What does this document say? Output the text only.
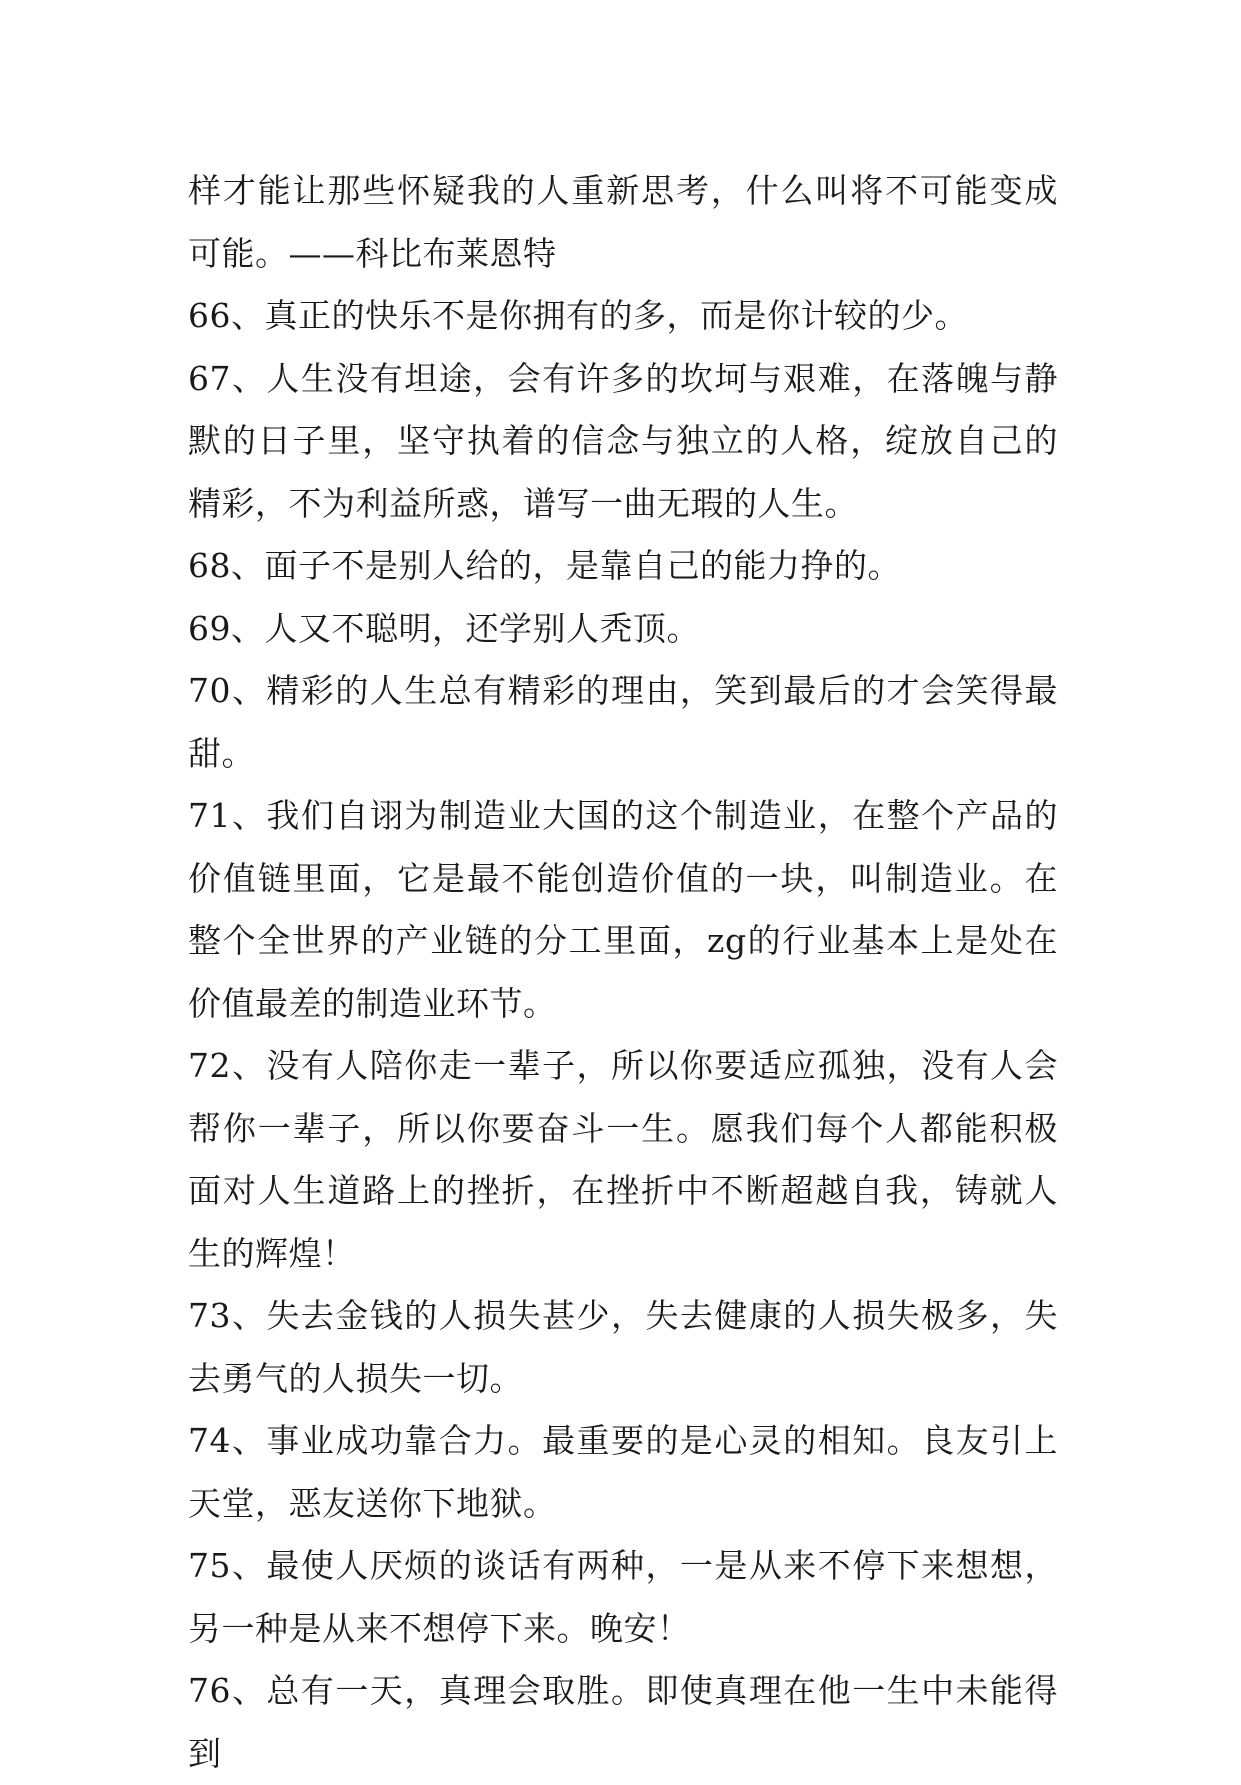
样才能让那些怀疑我的人重新思考，什么叫将不可能变成可能。——科比布莱恩特

66、真正的快乐不是你拥有的多，而是你计较的少。

67、人生没有坦途，会有许多的坎坷与艰难，在落魄与静默的日子里，坚守执着的信念与独立的人格，绽放自己的精彩，不为利益所惑，谱写一曲无瑕的人生。

68、面子不是别人给的，是靠自己的能力挣的。

69、人又不聪明，还学别人秃顶。

70、精彩的人生总有精彩的理由，笑到最后的才会笑得最甜。

71、我们自诩为制造业大国的这个制造业，在整个产品的价值链里面，它是最不能创造价值的一块，叫制造业。在整个全世界的产业链的分工里面，zg的行业基本上是处在价值最差的制造业环节。

72、没有人陪你走一辈子，所以你要适应孤独，没有人会帮你一辈子，所以你要奋斗一生。愿我们每个人都能积极面对人生道路上的挫折，在挫折中不断超越自我，铸就人生的辉煌！

73、失去金钱的人损失甚少，失去健康的人损失极多，失去勇气的人损失一切。

74、事业成功靠合力。最重要的是心灵的相知。良友引上天堂，恶友送你下地狱。

75、最使人厌烦的谈话有两种，一是从来不停下来想想，另一种是从来不想停下来。晚安！

76、总有一天，真理会取胜。即使真理在他一生中未能得到
